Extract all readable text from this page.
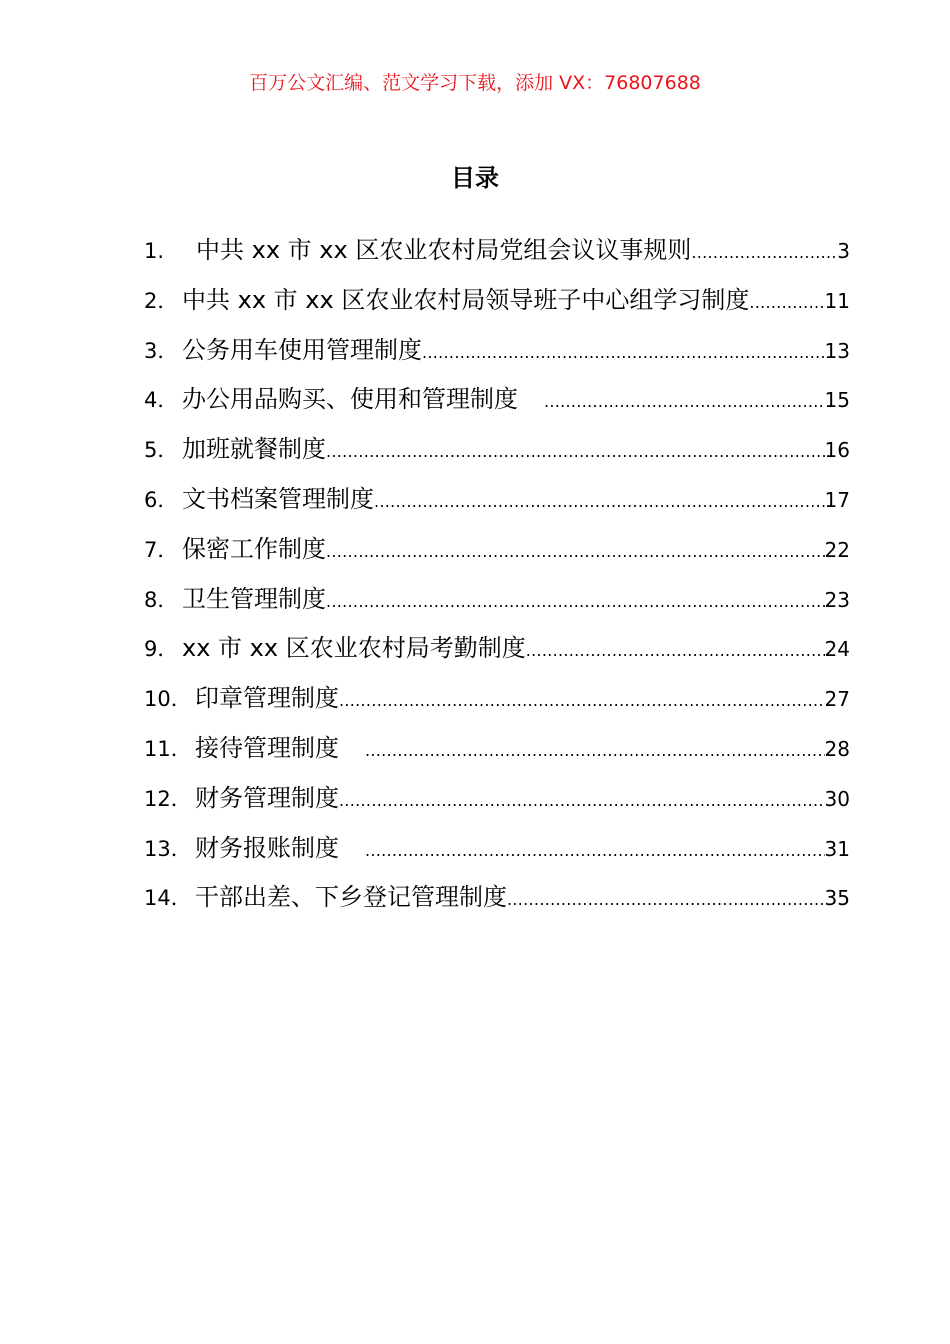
百万公文汇编、范文学习下载，添加 VX：76807688
目录
1.	中共 xx 市 xx 区农业农村局党组会议议事规则 .....	3
2． 中共 xx 市 xx 区农业农村局领导班子中心组学习制度 .....	11
3． 公务用车使用管理制度 .....	13
4． 办公用品购买、使用和管理制度 .....	15
5． 加班就餐制度 .....	16
6． 文书档案管理制度 .....	17
7． 保密工作制度 .....	22
8． 卫生管理制度 .....	23
9． xx 市 xx 区农业农村局考勤制度 .....	24
10． 印章管理制度 .....	27
11． 接待管理制度 .....	28
12． 财务管理制度 .....	30
13． 财务报账制度 .....	31
14． 干部出差、下乡登记管理制度 .....	35
